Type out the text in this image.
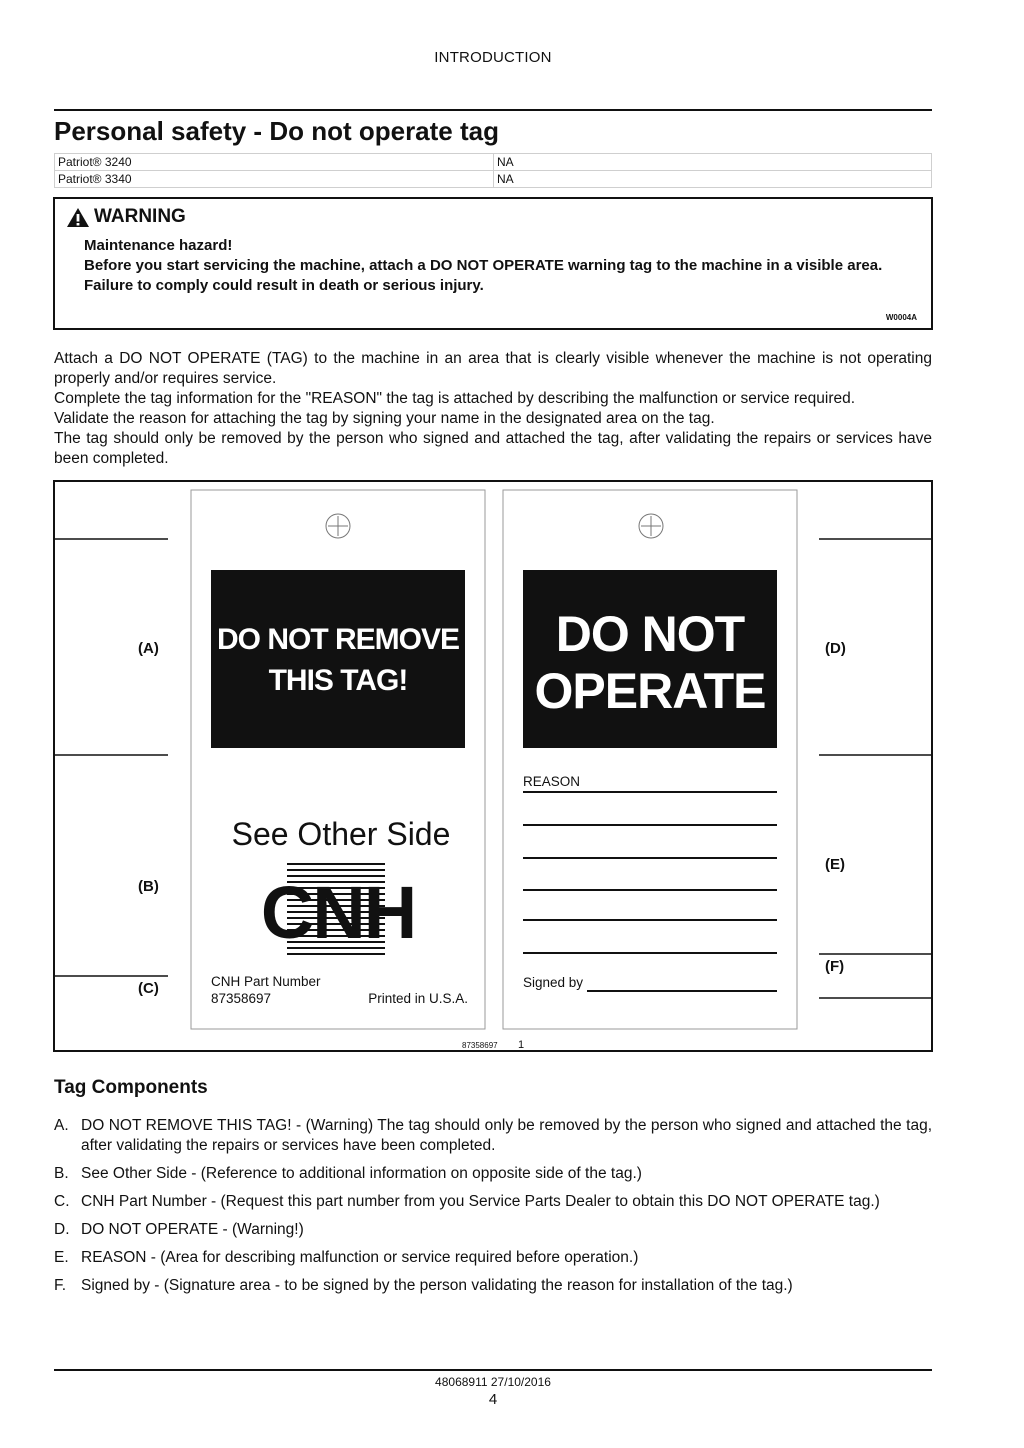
INTRODUCTION
Personal safety - Do not operate tag
Patriot® 3240	NA
Patriot® 3340	NA
WARNING
Maintenance hazard!
Before you start servicing the machine, attach a DO NOT OPERATE warning tag to the machine in a visible area.
Failure to comply could result in death or serious injury.
W0004A

Attach a DO NOT OPERATE (TAG) to the machine in an area that is clearly visible whenever the machine is not operating properly and/or requires service.

Complete the tag information for the "REASON" the tag is attached by describing the malfunction or service required.

Validate the reason for attaching the tag by signing your name in the designated area on the tag.

The tag should only be removed by the person who signed and attached the tag, after validating the repairs or services have been completed.

DO NOT REMOVE
THIS TAG!
See Other Side
CNH
CNH Part Number
87358697	Printed in U.S.A.
DO NOT
OPERATE
REASON
Signed by
(A)
(B)
(C)
(D)
(E)
(F)
87358697 1
Tag Components
A. DO NOT REMOVE THIS TAG! - (Warning) The tag should only be removed by the person who signed and attached the tag, after validating the repairs or services have been completed.
B. See Other Side - (Reference to additional information on opposite side of the tag.)
C. CNH Part Number - (Request this part number from you Service Parts Dealer to obtain this DO NOT OPERATE tag.)
D. DO NOT OPERATE - (Warning!)
E. REASON - (Area for describing malfunction or service required before operation.)
F. Signed by - (Signature area - to be signed by the person validating the reason for installation of the tag.)
48068911 27/10/2016
4
